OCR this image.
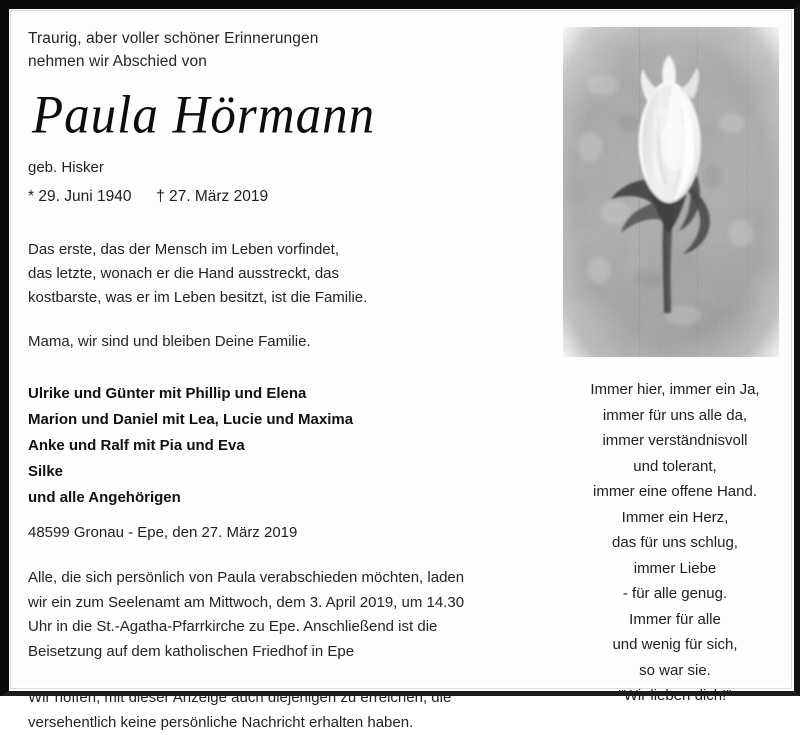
Traurig, aber voller schöner Erinnerungen
nehmen wir Abschied von
Paula Hörmann
geb. Hisker
* 29. Juni 1940 † 27. März 2019
Das erste, das der Mensch im Leben vorfindet,
das letzte, wonach er die Hand ausstreckt, das
kostbarste, was er im Leben besitzt, ist die Familie.
Mama, wir sind und bleiben Deine Familie.
Ulrike und Günter mit Phillip und Elena
Marion und Daniel mit Lea, Lucie und Maxima
Anke und Ralf mit Pia und Eva
Silke
und alle Angehörigen
48599 Gronau - Epe, den 27. März 2019
Alle, die sich persönlich von Paula verabschieden möchten, laden
wir ein zum Seelenamt am Mittwoch, dem 3. April 2019, um 14.30
Uhr in die St.-Agatha-Pfarrkirche zu Epe. Anschließend ist die
Beisetzung auf dem katholischen Friedhof in Epe
Wir hoffen, mit dieser Anzeige auch diejenigen zu erreichen, die
versehentlich keine persönliche Nachricht erhalten haben.
Immer hier, immer ein Ja,
immer für uns alle da,
immer verständnisvoll
und tolerant,
immer eine offene Hand.
Immer ein Herz,
das für uns schlug,
immer Liebe
- für alle genug.
Immer für alle
und wenig für sich,
so war sie.
"Wir lieben dich!"
